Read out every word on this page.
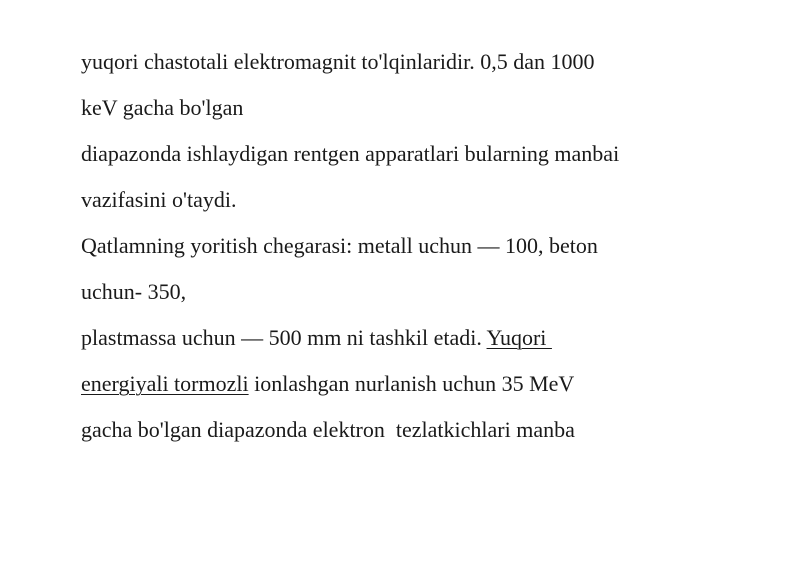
yuqori chastotali elektromagnit to'lqinlaridir. 0,5 dan 1000

keV gacha bo'lgan

diapazonda ishlaydigan rentgen apparatlari bularning manbai

vazifasini o'taydi.

Qatlamning yoritish chegarasi: metall uchun — 100, beton

uchun- 350,

plastmassa uchun — 500 mm ni tashkil etadi. Yuqori

energiyali tormozli ionlashgan nurlanish uchun 35 MeV

gacha bo'lgan diapazonda elektron  tezlatkichlari manba
